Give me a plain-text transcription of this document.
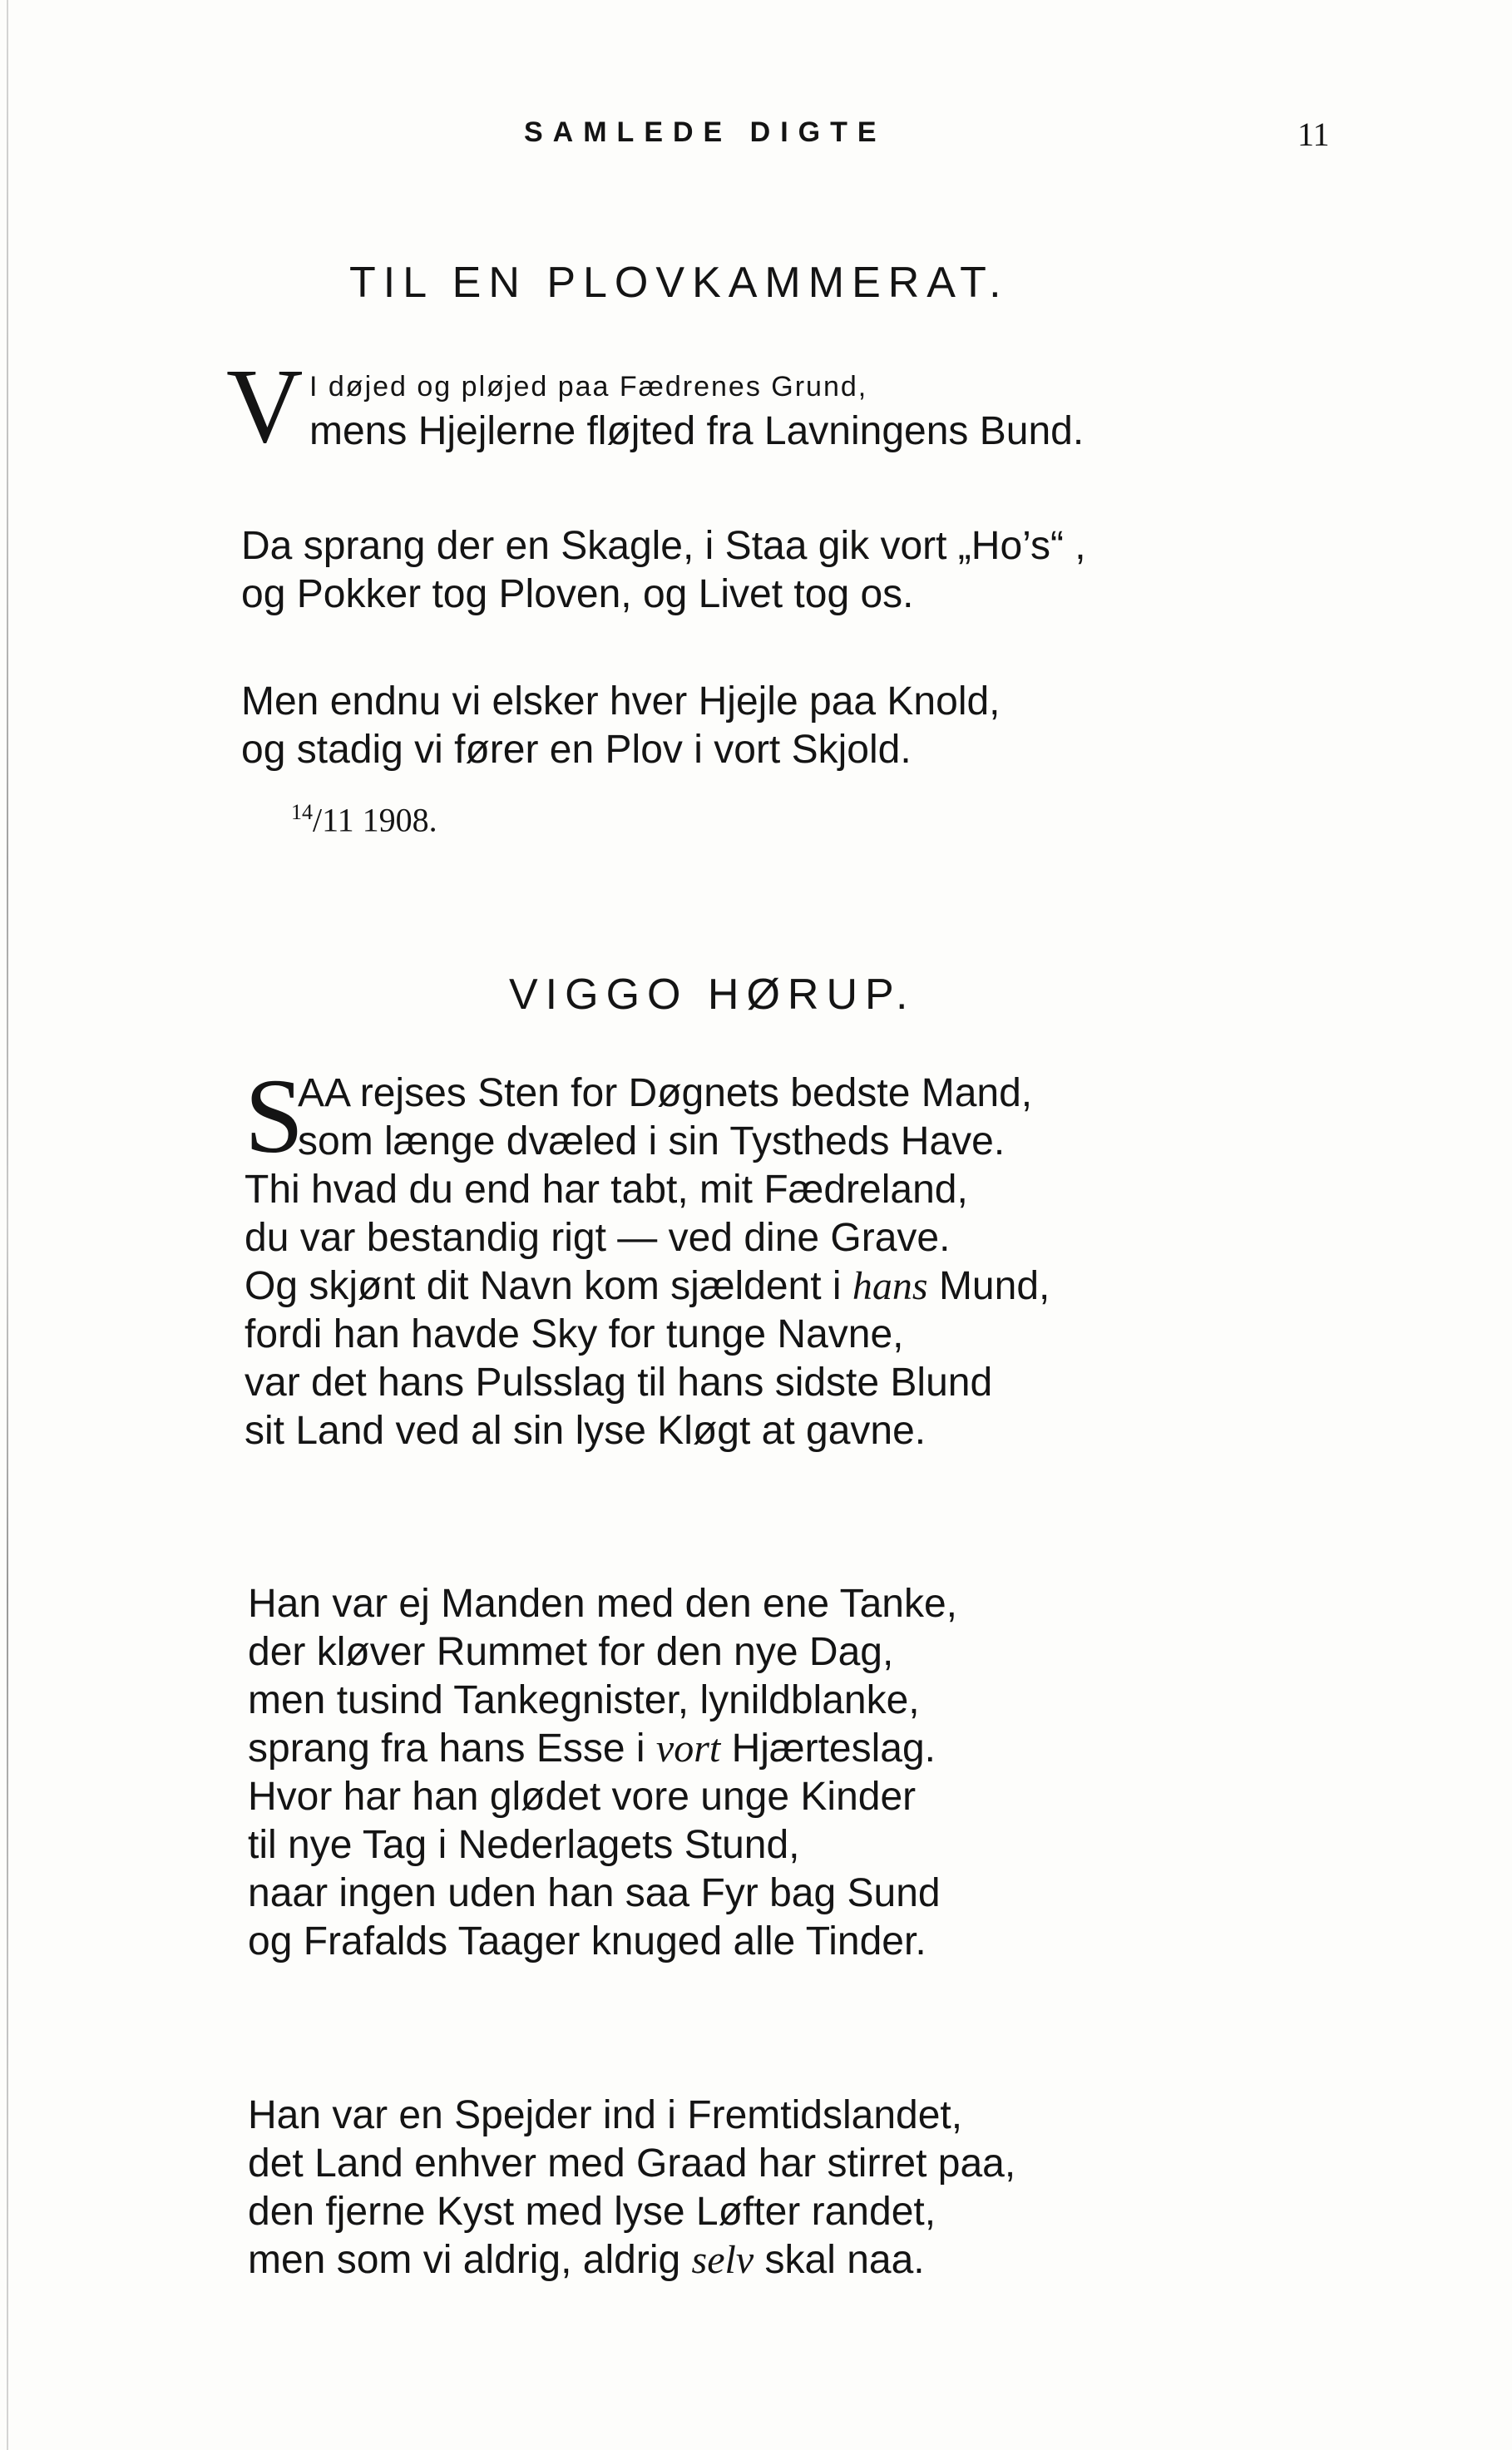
SAMLEDE DIGTE	11
TIL EN PLOVKAMMERAT.
V I døjed og pløjed paa Fædrenes Grund,
mens Hjejlerne fløjted fra Lavningens Bund.
Da sprang der en Skagle, i Staa gik vort „Ho’s“ ,
og Pokker tog Ploven, og Livet tog os.
Men endnu vi elsker hver Hjejle paa Knold,
og stadig vi fører en Plov i vort Skjold.
$^{14}$/11 1908.
VIGGO HØRUP.
S
AA rejses Sten for Døgnets bedste Mand,
som længe dvæled i sin Tystheds Have.
Thi hvad du end har tabt, mit Fædreland,
du var bestandig rigt — ved dine Grave.
Og skjønt dit Navn kom sjældent i hans Mund,
fordi han havde Sky for tunge Navne,
var det hans Pulsslag til hans sidste Blund
sit Land ved al sin lyse Kløgt at gavne.
Han var ej Manden med den ene Tanke,
der kløver Rummet for den nye Dag,
men tusind Tankegnister, lynildblanke,
sprang fra hans Esse i vort Hjærteslag.
Hvor har han glødet vore unge Kinder
til nye Tag i Nederlagets Stund,
naar ingen uden han saa Fyr bag Sund
og Frafalds Taager knuged alle Tinder.
Han var en Spejder ind i Fremtidslandet,
det Land enhver med Graad har stirret paa,
den fjerne Kyst med lyse Løfter randet,
men som vi aldrig, aldrig selv skal naa.
